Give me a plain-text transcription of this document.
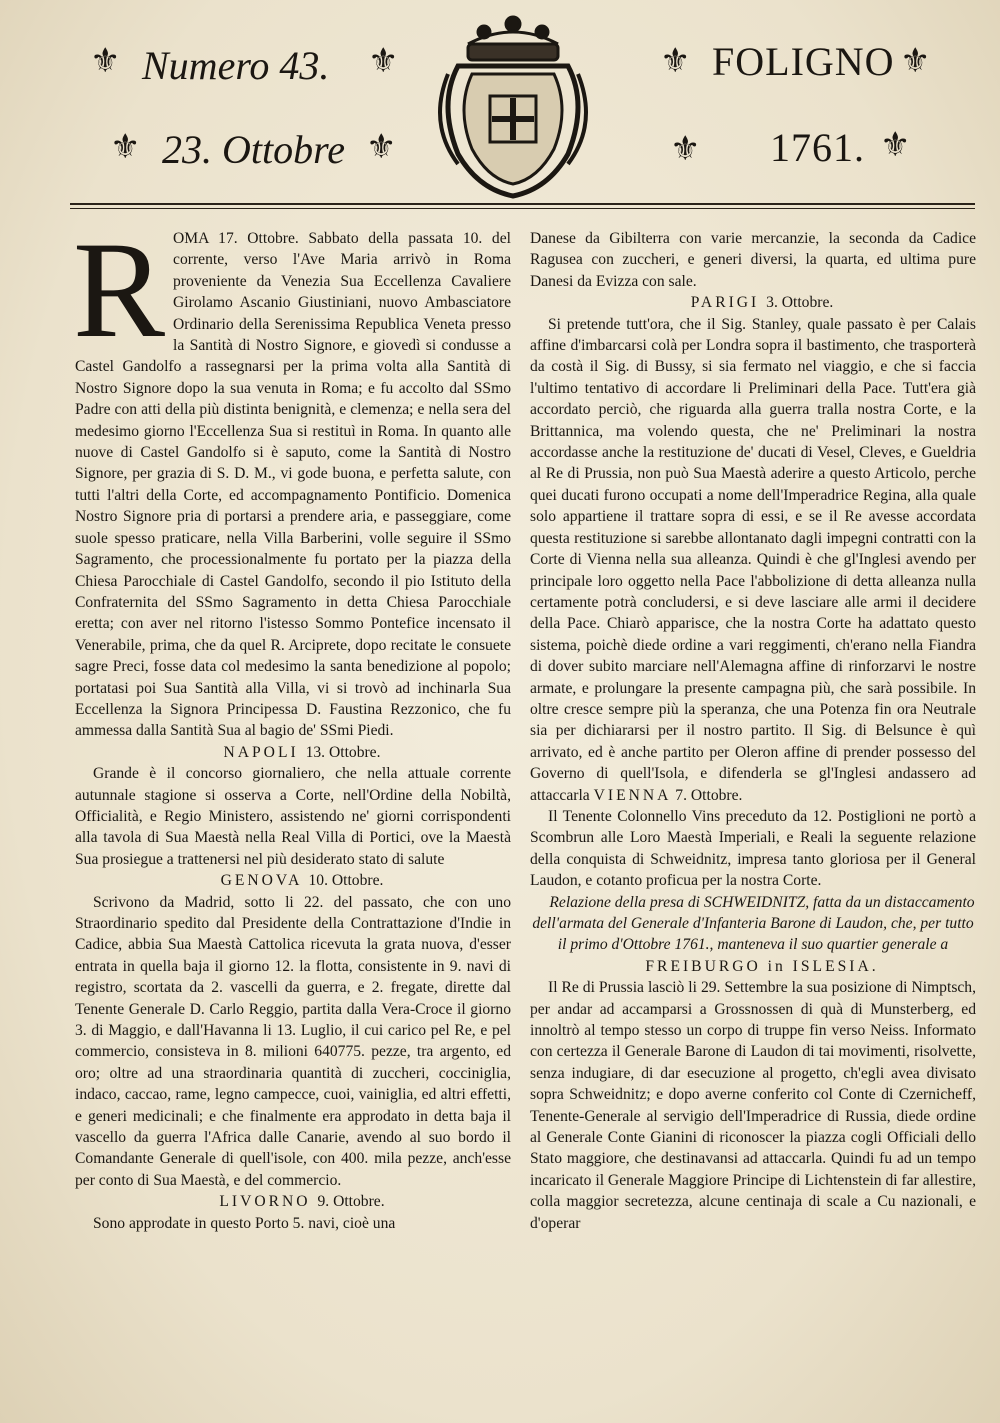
⚜ Numero 43. ⚜
⚜ 23. Ottobre ⚜
⚜ FOLIGNO ⚜
⚜ 1761. ⚜
R OMA 17. Ottobre. Sabbato della passata 10. del corrente, verso l'Ave Maria arrivò in Roma proveniente da Venezia Sua Eccellenza Cavaliere Girolamo Ascanio Giustiniani, nuovo Ambasciatore Ordinario della Serenissima Republica Veneta presso la Santità di Nostro Signore, e giovedì si condusse a Castel Gandolfo a rassegnarsi per la prima volta alla Santità di Nostro Signore dopo la sua venuta in Roma; e fu accolto dal SSmo Padre con atti della più distinta benignità, e clemenza; e nella sera del medesimo giorno l'Eccellenza Sua si restituì in Roma. In quanto alle nuove di Castel Gandolfo si è saputo, come la Santità di Nostro Signore, per grazia di S. D. M., vi gode buona, e perfetta salute, con tutti l'altri della Corte, ed accompagnamento Pontificio. Domenica Nostro Signore pria di portarsi a prendere aria, e passeggiare, come suole spesso praticare, nella Villa Barberini, volle seguire il SSmo Sagramento, che processionalmente fu portato per la piazza della Chiesa Parocchiale di Castel Gandolfo, secondo il pio Istituto della Confraternita del SSmo Sagramento in detta Chiesa Parocchiale eretta; con aver nel ritorno l'istesso Sommo Pontefice incensato il Venerabile, prima, che da quel R. Arciprete, dopo recitate le consuete sagre Preci, fosse data col medesimo la santa benedizione al popolo; portatasi poi Sua Santità alla Villa, vi si trovò ad inchinarla Sua Eccellenza la Signora Principessa D. Faustina Rezzonico, che fu ammessa dalla Santità Sua al bagio de' SSmi Piedi.

NAPOLI 13. Ottobre.

Grande è il concorso giornaliero, che nella attuale corrente autunnale stagione si osserva a Corte, nell'Ordine della Nobiltà, Officialità, e Regio Ministero, assistendo ne' giorni corrispondenti alla tavola di Sua Maestà nella Real Villa di Portici, ove la Maestà Sua prosiegue a trattenersi nel più desiderato stato di salute

GENOVA 10. Ottobre.

Scrivono da Madrid, sotto li 22. del passato, che con uno Straordinario spedito dal Presidente della Contrattazione d'Indie in Cadice, abbia Sua Maestà Cattolica ricevuta la grata nuova, d'esser entrata in quella baja il giorno 12. la flotta, consistente in 9. navi di registro, scortata da 2. vascelli da guerra, e 2. fregate, dirette dal Tenente Generale D. Carlo Reggio, partita dalla Vera-Croce il giorno 3. di Maggio, e dall'Havanna li 13. Luglio, il cui carico pel Re, e pel commercio, consisteva in 8. milioni 640775. pezze, tra argento, ed oro; oltre ad una straordinaria quantità di zuccheri, cocciniglia, indaco, caccao, rame, legno campecce, cuoi, vainiglia, ed altri effetti, e generi medicinali; e che finalmente era approdato in detta baja il vascello da guerra l'Africa dalle Canarie, avendo al suo bordo il Comandante Generale di quell'isole, con 400. mila pezze, anch'esse per conto di Sua Maestà, e del commercio.

LIVORNO 9. Ottobre.

Sono approdate in questo Porto 5. navi, cioè una

Danese da Gibilterra con varie mercanzie, la seconda da Cadice Ragusea con zuccheri, e generi diversi, la quarta, ed ultima pure Danesi da Evizza con sale.

PARIGI 3. Ottobre.

Si pretende tutt'ora, che il Sig. Stanley, quale passato è per Calais affine d'imbarcarsi colà per Londra sopra il bastimento, che trasporterà da costà il Sig. di Bussy, si sia fermato nel viaggio, e che si faccia l'ultimo tentativo di accordare li Preliminari della Pace. Tutt'era già accordato perciò, che riguarda alla guerra tralla nostra Corte, e la Brittannica, ma volendo questa, che ne' Preliminari la nostra accordasse anche la restituzione de' ducati di Vesel, Cleves, e Gueldria al Re di Prussia, non può Sua Maestà aderire a questo Articolo, perche quei ducati furono occupati a nome dell'Imperadrice Regina, alla quale solo appartiene il trattare sopra di essi, e se il Re avesse accordata questa restituzione si sarebbe allontanato dagli impegni contratti con la Corte di Vienna nella sua alleanza. Quindi è che gl'Inglesi avendo per principale loro oggetto nella Pace l'abbolizione di detta alleanza nulla certamente potrà concludersi, e si deve lasciare alle armi il decidere della Pace. Chiarò apparisce, che la nostra Corte ha adattato questo sistema, poichè diede ordine a vari reggimenti, ch'erano nella Fiandra di dover subito marciare nell'Alemagna affine di rinforzarvi le nostre armate, e prolungare la presente campagna più, che sarà possibile. In oltre cresce sempre più la speranza, che una Potenza fin ora Neutrale sia per dichiararsi per il nostro partito. Il Sig. di Belsunce è quì arrivato, ed è anche partito per Oleron affine di prender possesso del Governo di quell'Isola, e difenderla se gl'Inglesi andassero ad attaccarla VIENNA 7. Ottobre.

Il Tenente Colonnello Vins preceduto da 12. Postiglioni ne portò a Scombrun alle Loro Maestà Imperiali, e Reali la seguente relazione della conquista di Schweidnitz, impresa tanto gloriosa per il General Laudon, e cotanto proficua per la nostra Corte.

Relazione della presa di SCHWEIDNITZ, fatta da un distaccamento dell'armata del Generale d'Infanteria Barone di Laudon, che, per tutto il primo d'Ottobre 1761., manteneva il suo quartier generale a

FREIBURGO in ISLESIA.

Il Re di Prussia lasciò li 29. Settembre la sua posizione di Nimptsch, per andar ad accamparsi a Grossnossen di quà di Munsterberg, ed innoltrò al tempo stesso un corpo di truppe fin verso Neiss. Informato con certezza il Generale Barone di Laudon di tai movimenti, risolvette, senza indugiare, di dar esecuzione al progetto, ch'egli avea divisato sopra Schweidnitz; e dopo averne conferito col Conte di Czernicheff, Tenente-Generale al servigio dell'Imperadrice di Russia, diede ordine al Generale Conte Gianini di riconoscer la piazza cogli Officiali dello Stato maggiore, che destinavansi ad attaccarla. Quindi fu ad un tempo incaricato il Generale Maggiore Principe di Lichtenstein di far allestire, colla maggior secretezza, alcune centinaja di scale a Cu nazionali, e d'operar
